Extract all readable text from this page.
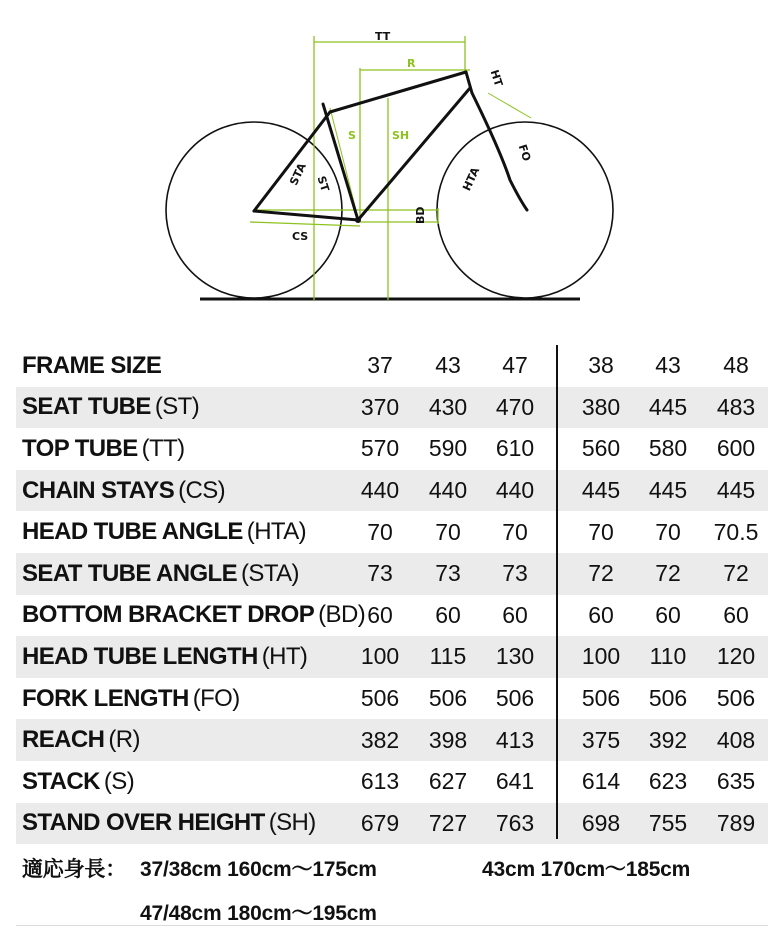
TT
R
HT
S	SH
STA ST	HTA
FO
BD
CS
FRAME SIZE	37	43	47	38	43	48
SEAT TUBE (ST)	370	430	470	380	445	483
TOP TUBE (TT)	570	590	610	560	580	600
CHAIN STAYS (CS)	440	440	440	445	445	445
HEAD TUBE ANGLE (HTA)	70	70	70	70	70	70.5
SEAT TUBE ANGLE (STA)	73	73	73	72	72	72
BOTTOM BRACKET DROP (BD) 60	60	60	60	60	60
HEAD TUBE LENGTH (HT)	100	115	130	100	110	120
FORK LENGTH (FO)	506	506	506	506	506	506
REACH (R)	382	398	413	375	392	408
STACK (S)	613	627	641	614	623	635
STAND OVER HEIGHT (SH)	679	727	763	698	755	789
適応身長： 37/38cm 160cm〜175cm	43cm 170cm〜185cm
47/48cm 180cm〜195cm
